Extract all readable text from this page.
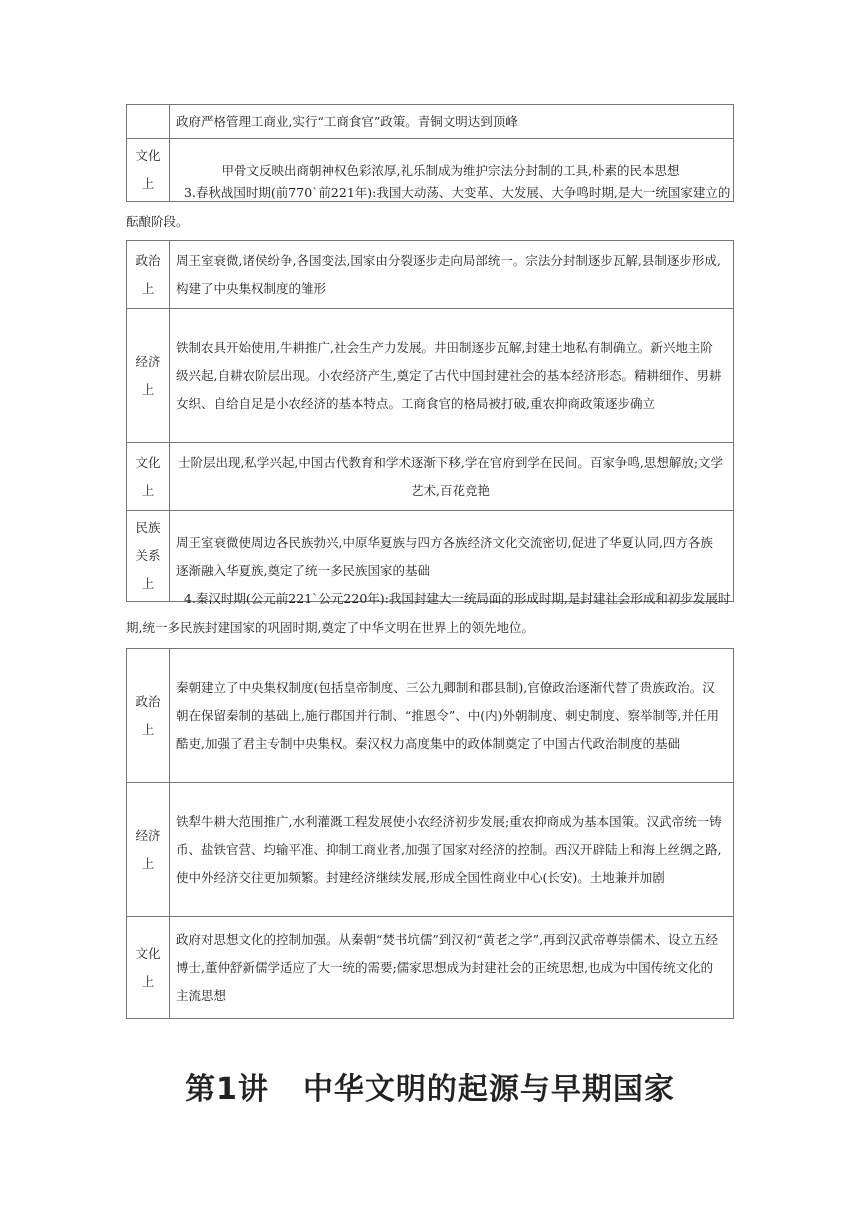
	政府严格管理工商业,实行“工商食官”政策。青铜文明达到顶峰
文化上	甲骨文反映出商朝神权色彩浓厚,礼乐制成为维护宗法分封制的工具,朴素的民本思想

3.春秋战国时期(前770`前221年):我国大动荡、大变革、大发展、大争鸣时期,是大一统国家建立的酝酿阶段。

政治上	周王室衰微,诸侯纷争,各国变法,国家由分裂逐步走向局部统一。宗法分封制逐步瓦解,县制逐步形成,构建了中央集权制度的雏形
经济上	铁制农具开始使用,牛耕推广,社会生产力发展。井田制逐步瓦解,封建土地私有制确立。新兴地主阶级兴起,自耕农阶层出现。小农经济产生,奠定了古代中国封建社会的基本经济形态。精耕细作、男耕女织、自给自足是小农经济的基本特点。工商食官的格局被打破,重农抑商政策逐步确立
文化上	士阶层出现,私学兴起,中国古代教育和学术逐渐下移,学在官府到学在民间。百家争鸣,思想解放;文学艺术,百花竞艳
民族关系上	周王室衰微使周边各民族勃兴,中原华夏族与四方各族经济文化交流密切,促进了华夏认同,四方各族逐渐融入华夏族,奠定了统一多民族国家的基础

4.秦汉时期(公元前221`公元220年):我国封建大一统局面的形成时期,是封建社会形成和初步发展时期,统一多民族封建国家的巩固时期,奠定了中华文明在世界上的领先地位。

政治上	秦朝建立了中央集权制度(包括皇帝制度、三公九卿制和郡县制),官僚政治逐渐代替了贵族政治。汉朝在保留秦制的基础上,施行郡国并行制、“推恩令”、中(内)外朝制度、刺史制度、察举制等,并任用酷吏,加强了君主专制中央集权。秦汉权力高度集中的政体制奠定了中国古代政治制度的基础
经济上	铁犁牛耕大范围推广,水利灌溉工程发展使小农经济初步发展;重农抑商成为基本国策。汉武帝统一铸币、盐铁官营、均输平准、抑制工商业者,加强了国家对经济的控制。西汉开辟陆上和海上丝绸之路,使中外经济交往更加频繁。封建经济继续发展,形成全国性商业中心(长安)。土地兼并加剧
文化上	政府对思想文化的控制加强。从秦朝“焚书坑儒”到汉初“黄老之学”,再到汉武帝尊崇儒术、设立五经博士,董仲舒新儒学适应了大一统的需要;儒家思想成为封建社会的正统思想,也成为中国传统文化的主流思想
第1讲 中华文明的起源与早期国家
